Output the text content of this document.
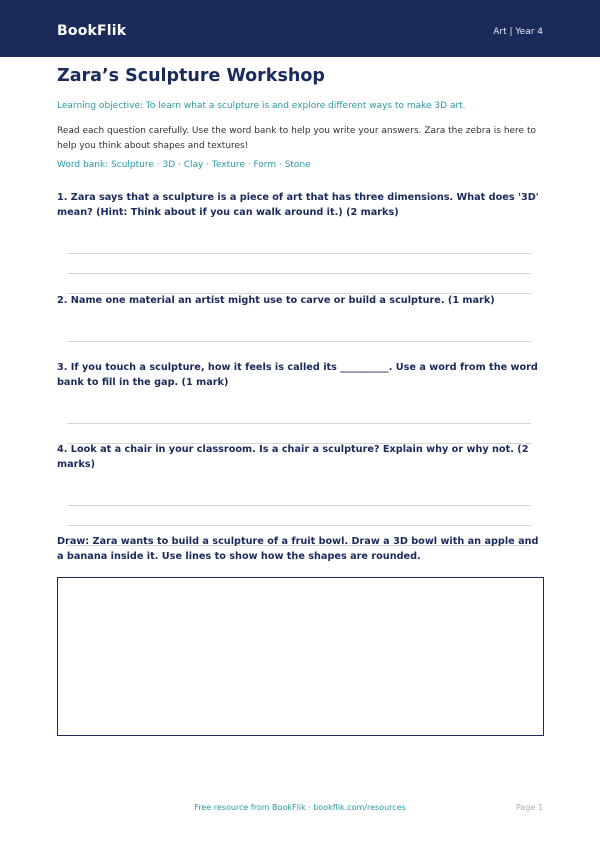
BookFlik	Art | Year 4
Zara’s Sculpture Workshop
Learning objective: To learn what a sculpture is and explore different ways to make 3D art.
Read each question carefully. Use the word bank to help you write your answers. Zara the zebra is here to help you think about shapes and textures!
Word bank: Sculpture · 3D · Clay · Texture · Form · Stone
1. Zara says that a sculpture is a piece of art that has three dimensions. What does '3D' mean? (Hint: Think about if you can walk around it.) (2 marks)
2. Name one material an artist might use to carve or build a sculpture. (1 mark)
3. If you touch a sculpture, how it feels is called its __________. Use a word from the word bank to fill in the gap. (1 mark)
4. Look at a chair in your classroom. Is a chair a sculpture? Explain why or why not. (2 marks)
Draw: Zara wants to build a sculpture of a fruit bowl. Draw a 3D bowl with an apple and a banana inside it. Use lines to show how the shapes are rounded.
Free resource from BookFlik · bookflik.com/resources	Page 1
